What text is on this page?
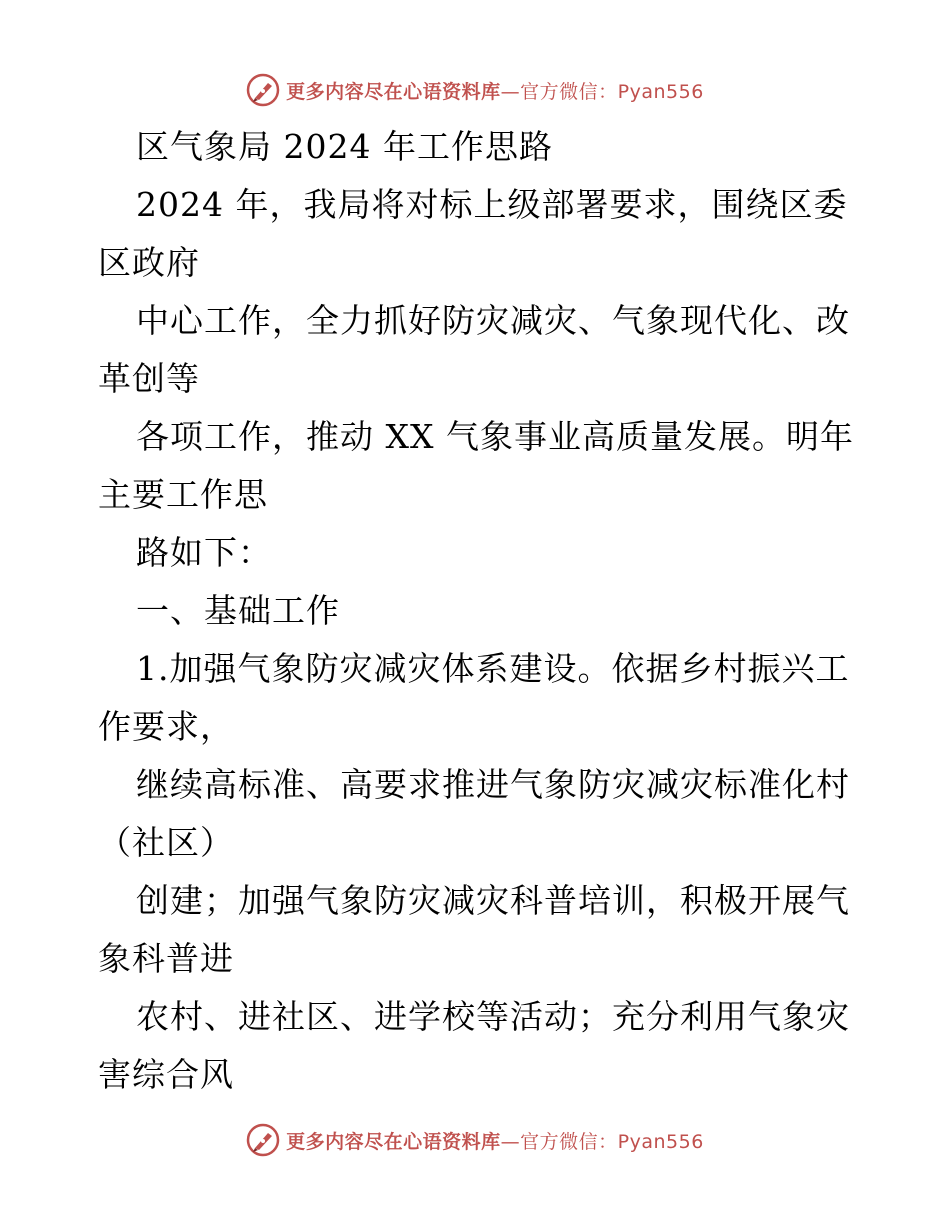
更多内容尽在心语资料库—官方微信：Pyan556
区气象局 2024 年工作思路
2024 年，我局将对标上级部署要求，围绕区委
区政府
中心工作，全力抓好防灾减灾、气象现代化、改
革创等
各项工作，推动 XX 气象事业高质量发展。明年
主要工作思
路如下：
一、基础工作
1.加强气象防灾减灾体系建设。依据乡村振兴工
作要求，
继续高标准、高要求推进气象防灾减灾标准化村
（社区）
创建；加强气象防灾减灾科普培训，积极开展气
象科普进
农村、进社区、进学校等活动；充分利用气象灾
害综合风
更多内容尽在心语资料库—官方微信：Pyan556
